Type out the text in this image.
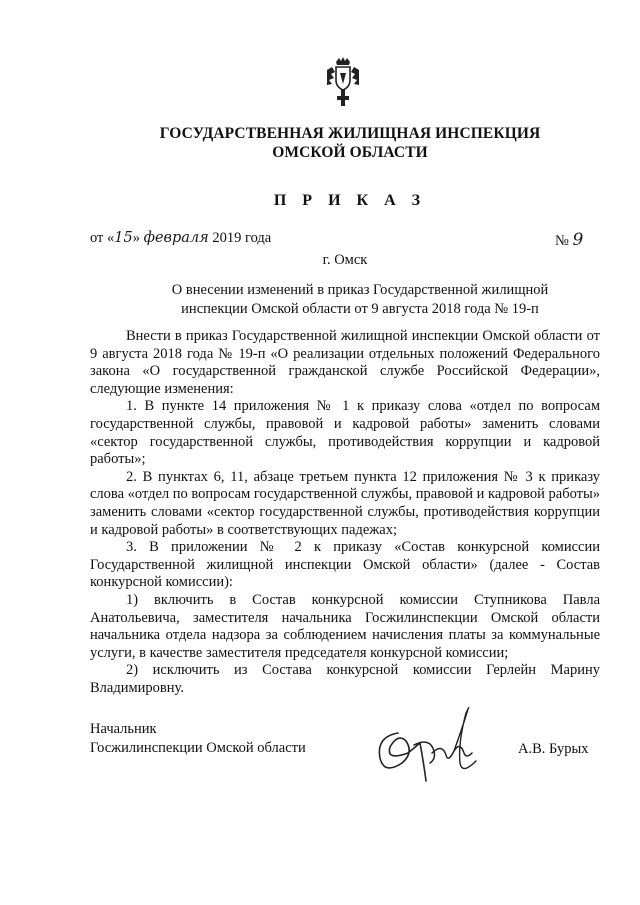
ГОСУДАРСТВЕННАЯ ЖИЛИЩНАЯ ИНСПЕКЦИЯ
ОМСКОЙ ОБЛАСТИ
П Р И К А З
от «15» февраля 2019 года	№ 9
г. Омск
О внесении изменений в приказ Государственной жилищной
инспекции Омской области от 9 августа 2018 года № 19-п

Внести в приказ Государственной жилищной инспекции Омской области от 9 августа 2018 года № 19-п «О реализации отдельных положений Федерального закона «О государственной гражданской службе Российской Федерации», следующие изменения:

1. В пункте 14 приложения № 1 к приказу слова «отдел по вопросам государственной службы, правовой и кадровой работы» заменить словами «сектор государственной службы, противодействия коррупции и кадровой работы»;

2. В пунктах 6, 11, абзаце третьем пункта 12 приложения № 3 к приказу слова «отдел по вопросам государственной службы, правовой и кадровой работы» заменить словами «сектор государственной службы, противодействия коррупции и кадровой работы» в соответствующих падежах;

3. В приложении № 2 к приказу «Состав конкурсной комиссии Государственной жилищной инспекции Омской области» (далее - Состав конкурсной комиссии):

1) включить в Состав конкурсной комиссии Ступникова Павла Анатольевича, заместителя начальника Госжилинспекции Омской области начальника отдела надзора за соблюдением начисления платы за коммунальные услуги, в качестве заместителя председателя конкурсной комиссии;

2) исключить из Состава конкурсной комиссии Герлейн Марину Владимировну.

Начальник
Госжилинспекции Омской области	А.В. Бурых
